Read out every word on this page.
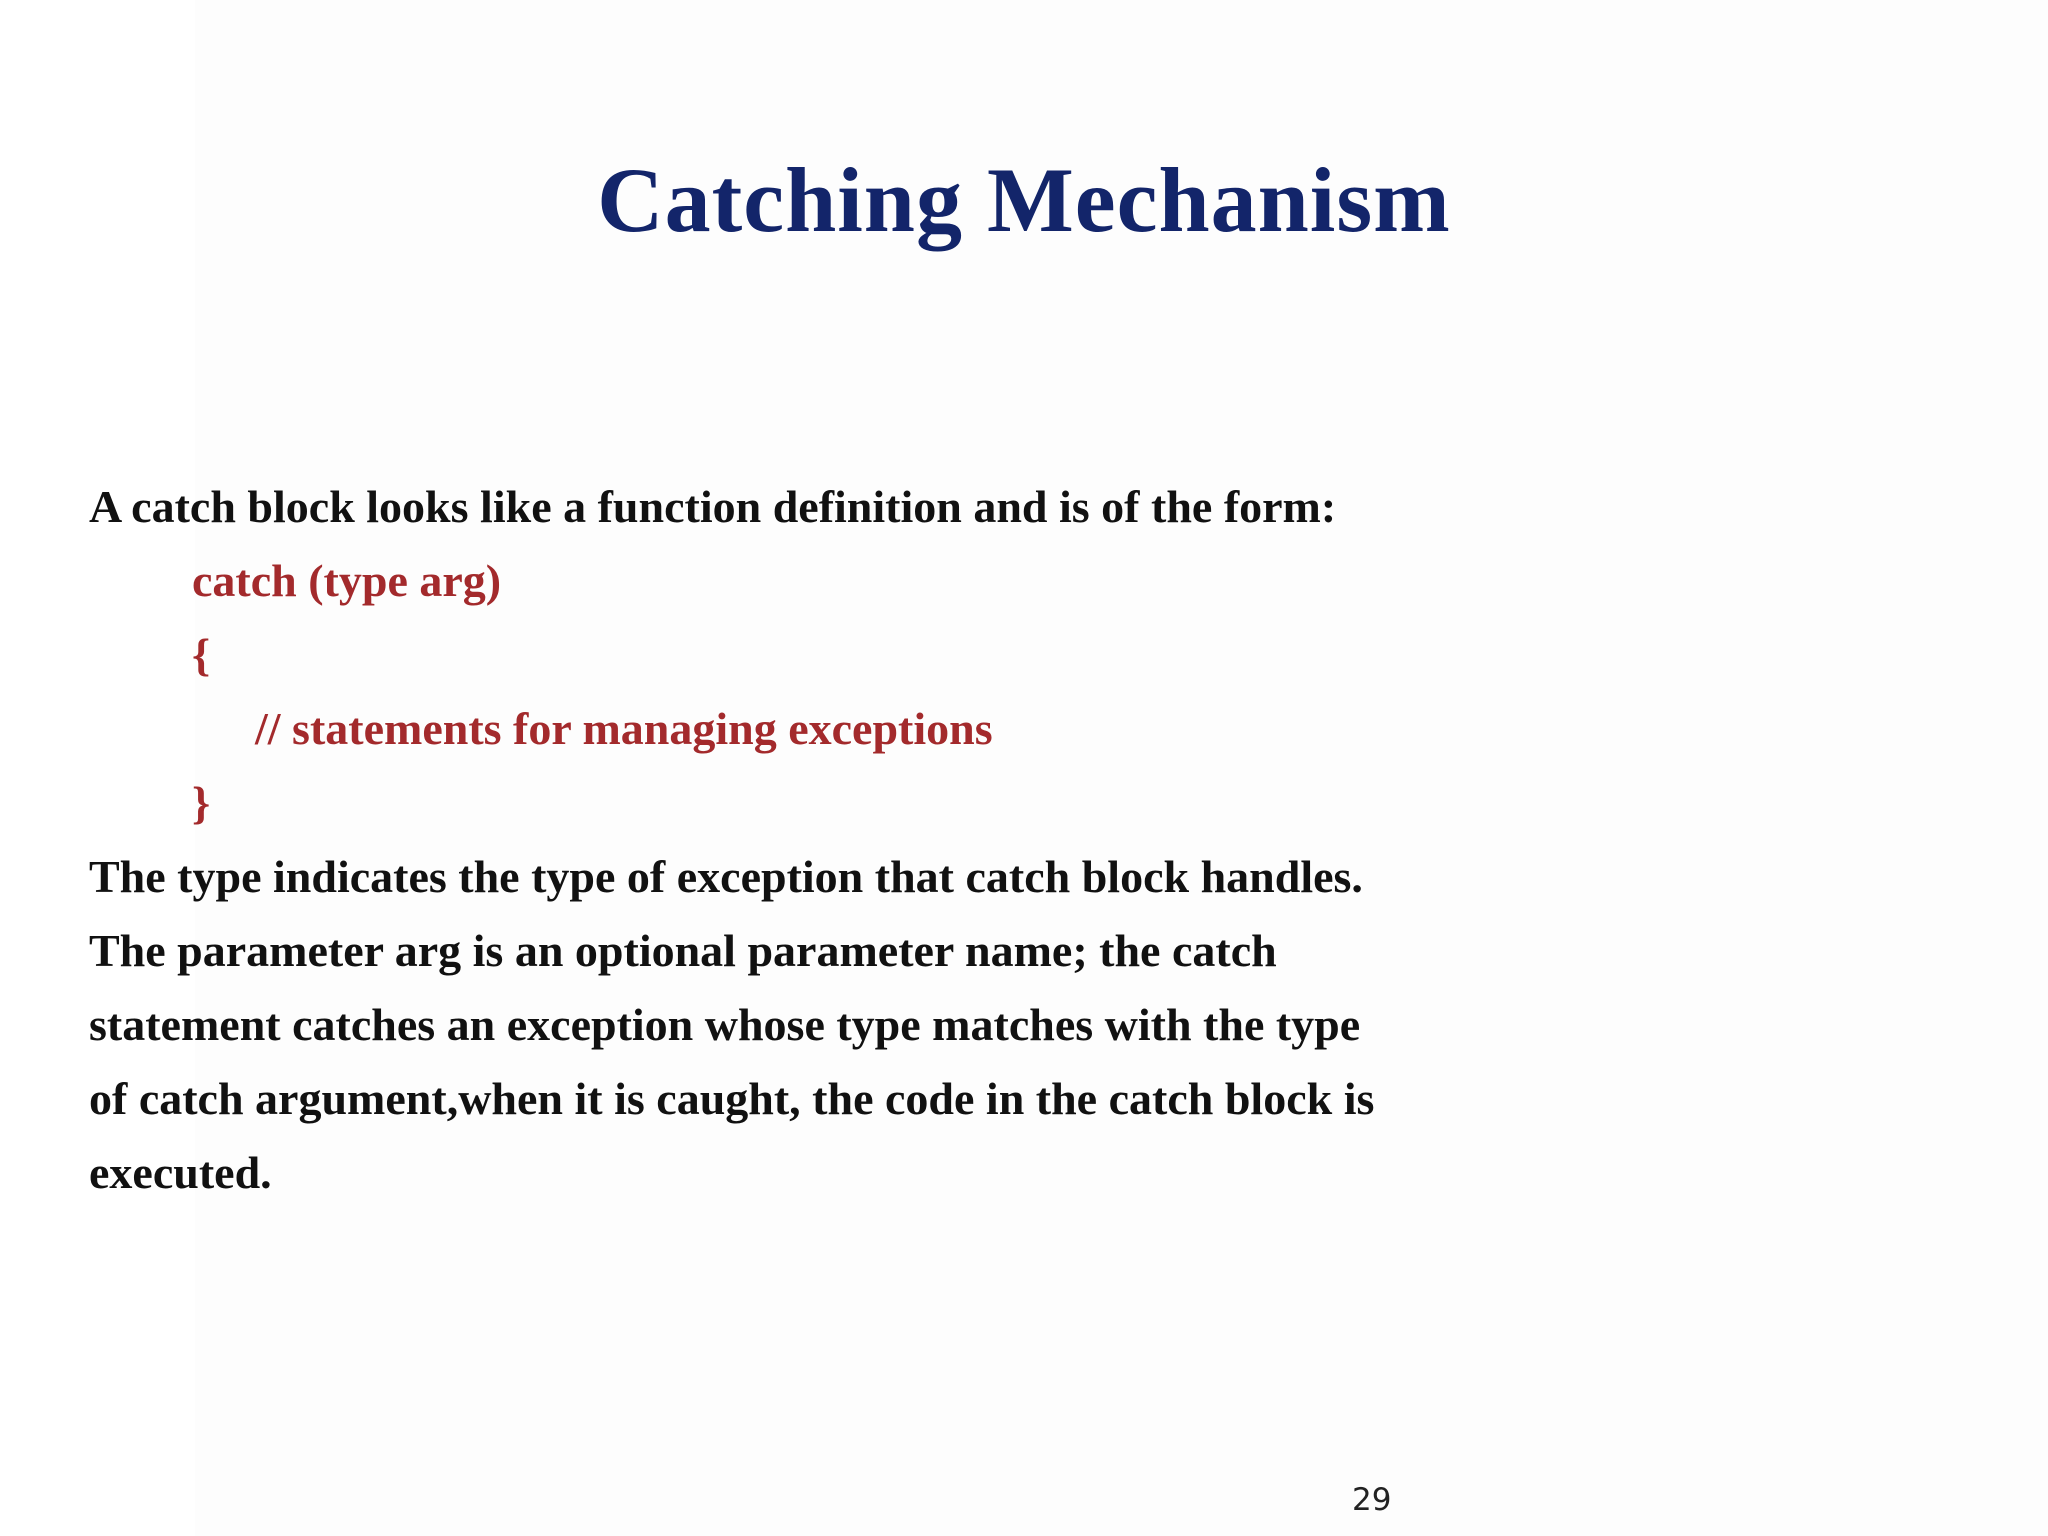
Catching Mechanism
A catch block looks like a function definition and is of the form:
catch (type arg)
{
// statements for managing exceptions
}
The type indicates the type of exception that catch block handles.
The parameter arg is an optional parameter name; the catch
statement catches an exception whose type matches with the type
of catch argument,when it is caught, the code in the catch block is
executed.
29
